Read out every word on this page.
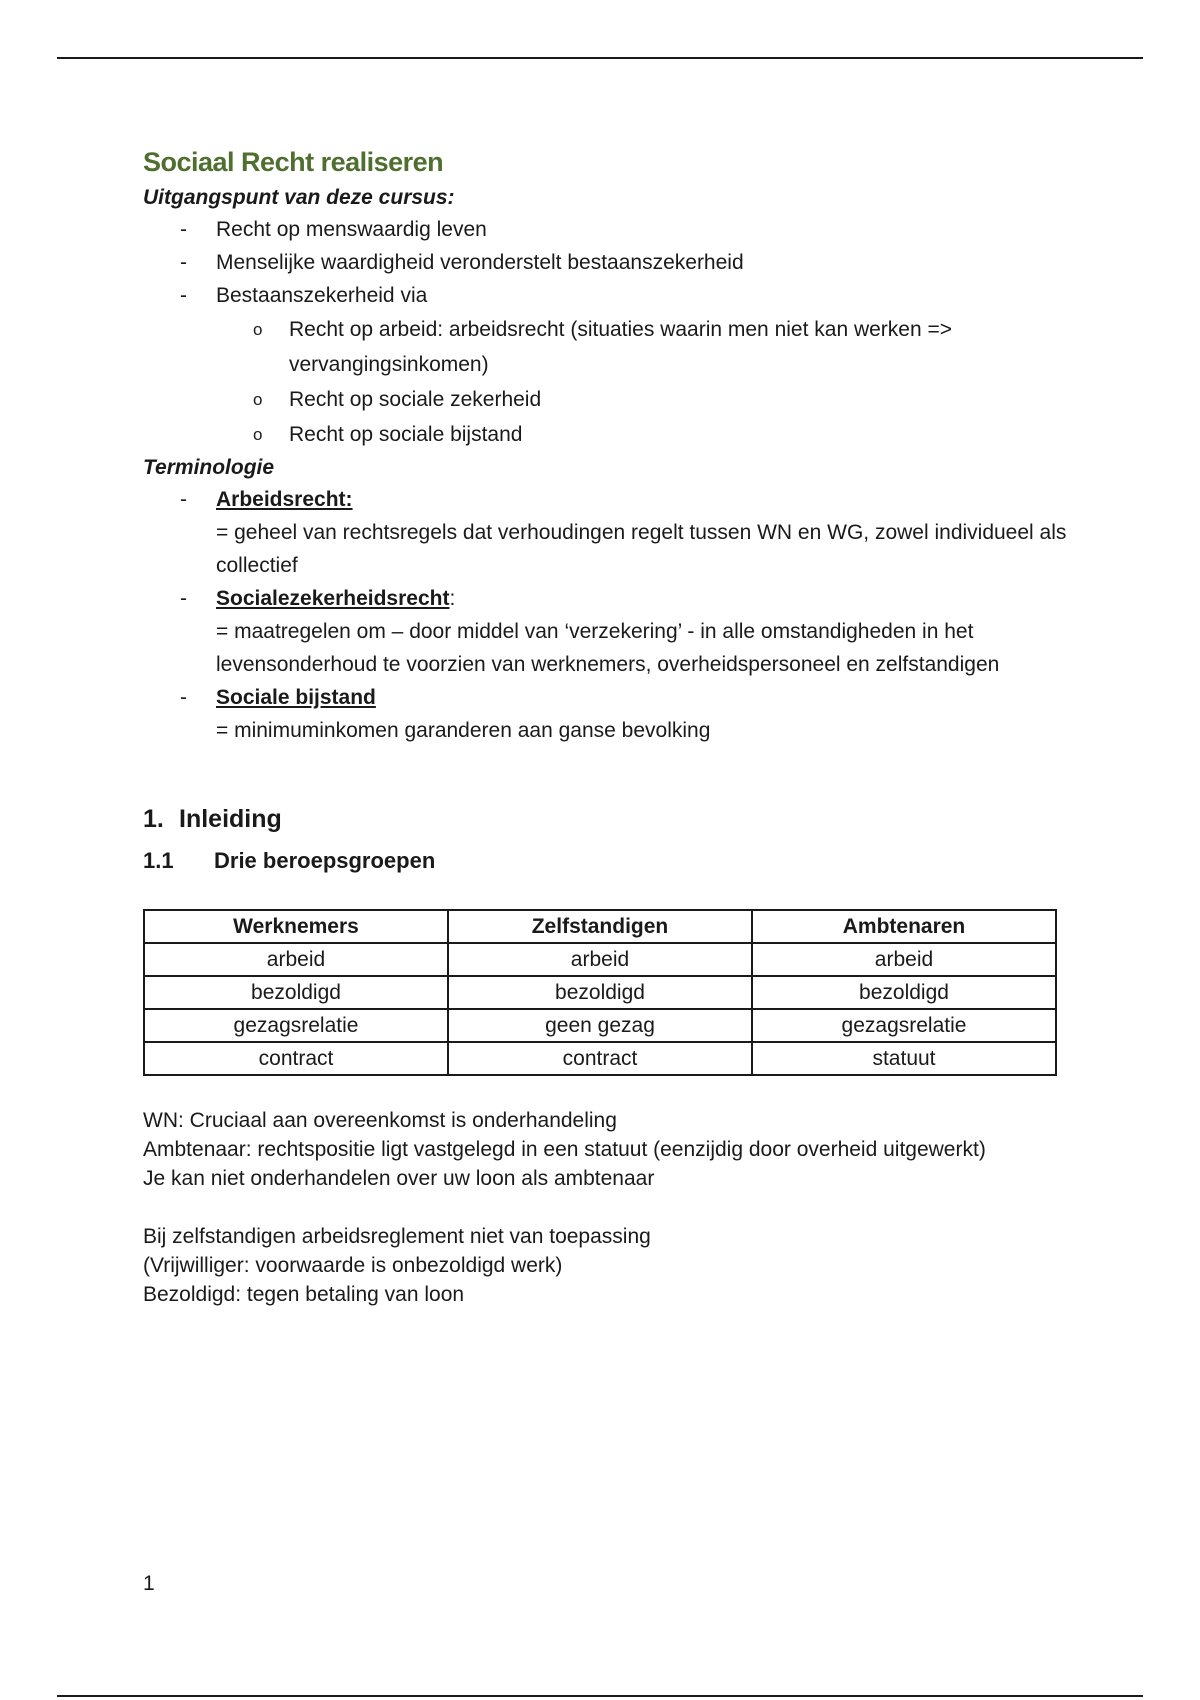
Sociaal Recht realiseren
Uitgangspunt van deze cursus:
- Recht op menswaardig leven
- Menselijke waardigheid veronderstelt bestaanszekerheid
- Bestaanszekerheid via
o Recht op arbeid: arbeidsrecht (situaties waarin men niet kan werken => vervangingsinkomen)
o Recht op sociale zekerheid
o Recht op sociale bijstand
Terminologie
- Arbeidsrecht:
= geheel van rechtsregels dat verhoudingen regelt tussen WN en WG, zowel individueel als collectief
- Socialezekerheidsrecht:
= maatregelen om – door middel van ‘verzekering’ - in alle omstandigheden in het levensonderhoud te voorzien van werknemers, overheidspersoneel en zelfstandigen
- Sociale bijstand
= minimuminkomen garanderen aan ganse bevolking
1. Inleiding
1.1 Drie beroepsgroepen
Werknemers	Zelfstandigen	Ambtenaren
arbeid	arbeid	arbeid
bezoldigd	bezoldigd	bezoldigd
gezagsrelatie	geen gezag	gezagsrelatie
contract	contract	statuut

WN: Cruciaal aan overeenkomst is onderhandeling

Ambtenaar: rechtspositie ligt vastgelegd in een statuut (eenzijdig door overheid uitgewerkt)

Je kan niet onderhandelen over uw loon als ambtenaar

Bij zelfstandigen arbeidsreglement niet van toepassing

(Vrijwilliger: voorwaarde is onbezoldigd werk)

Bezoldigd: tegen betaling van loon

1
